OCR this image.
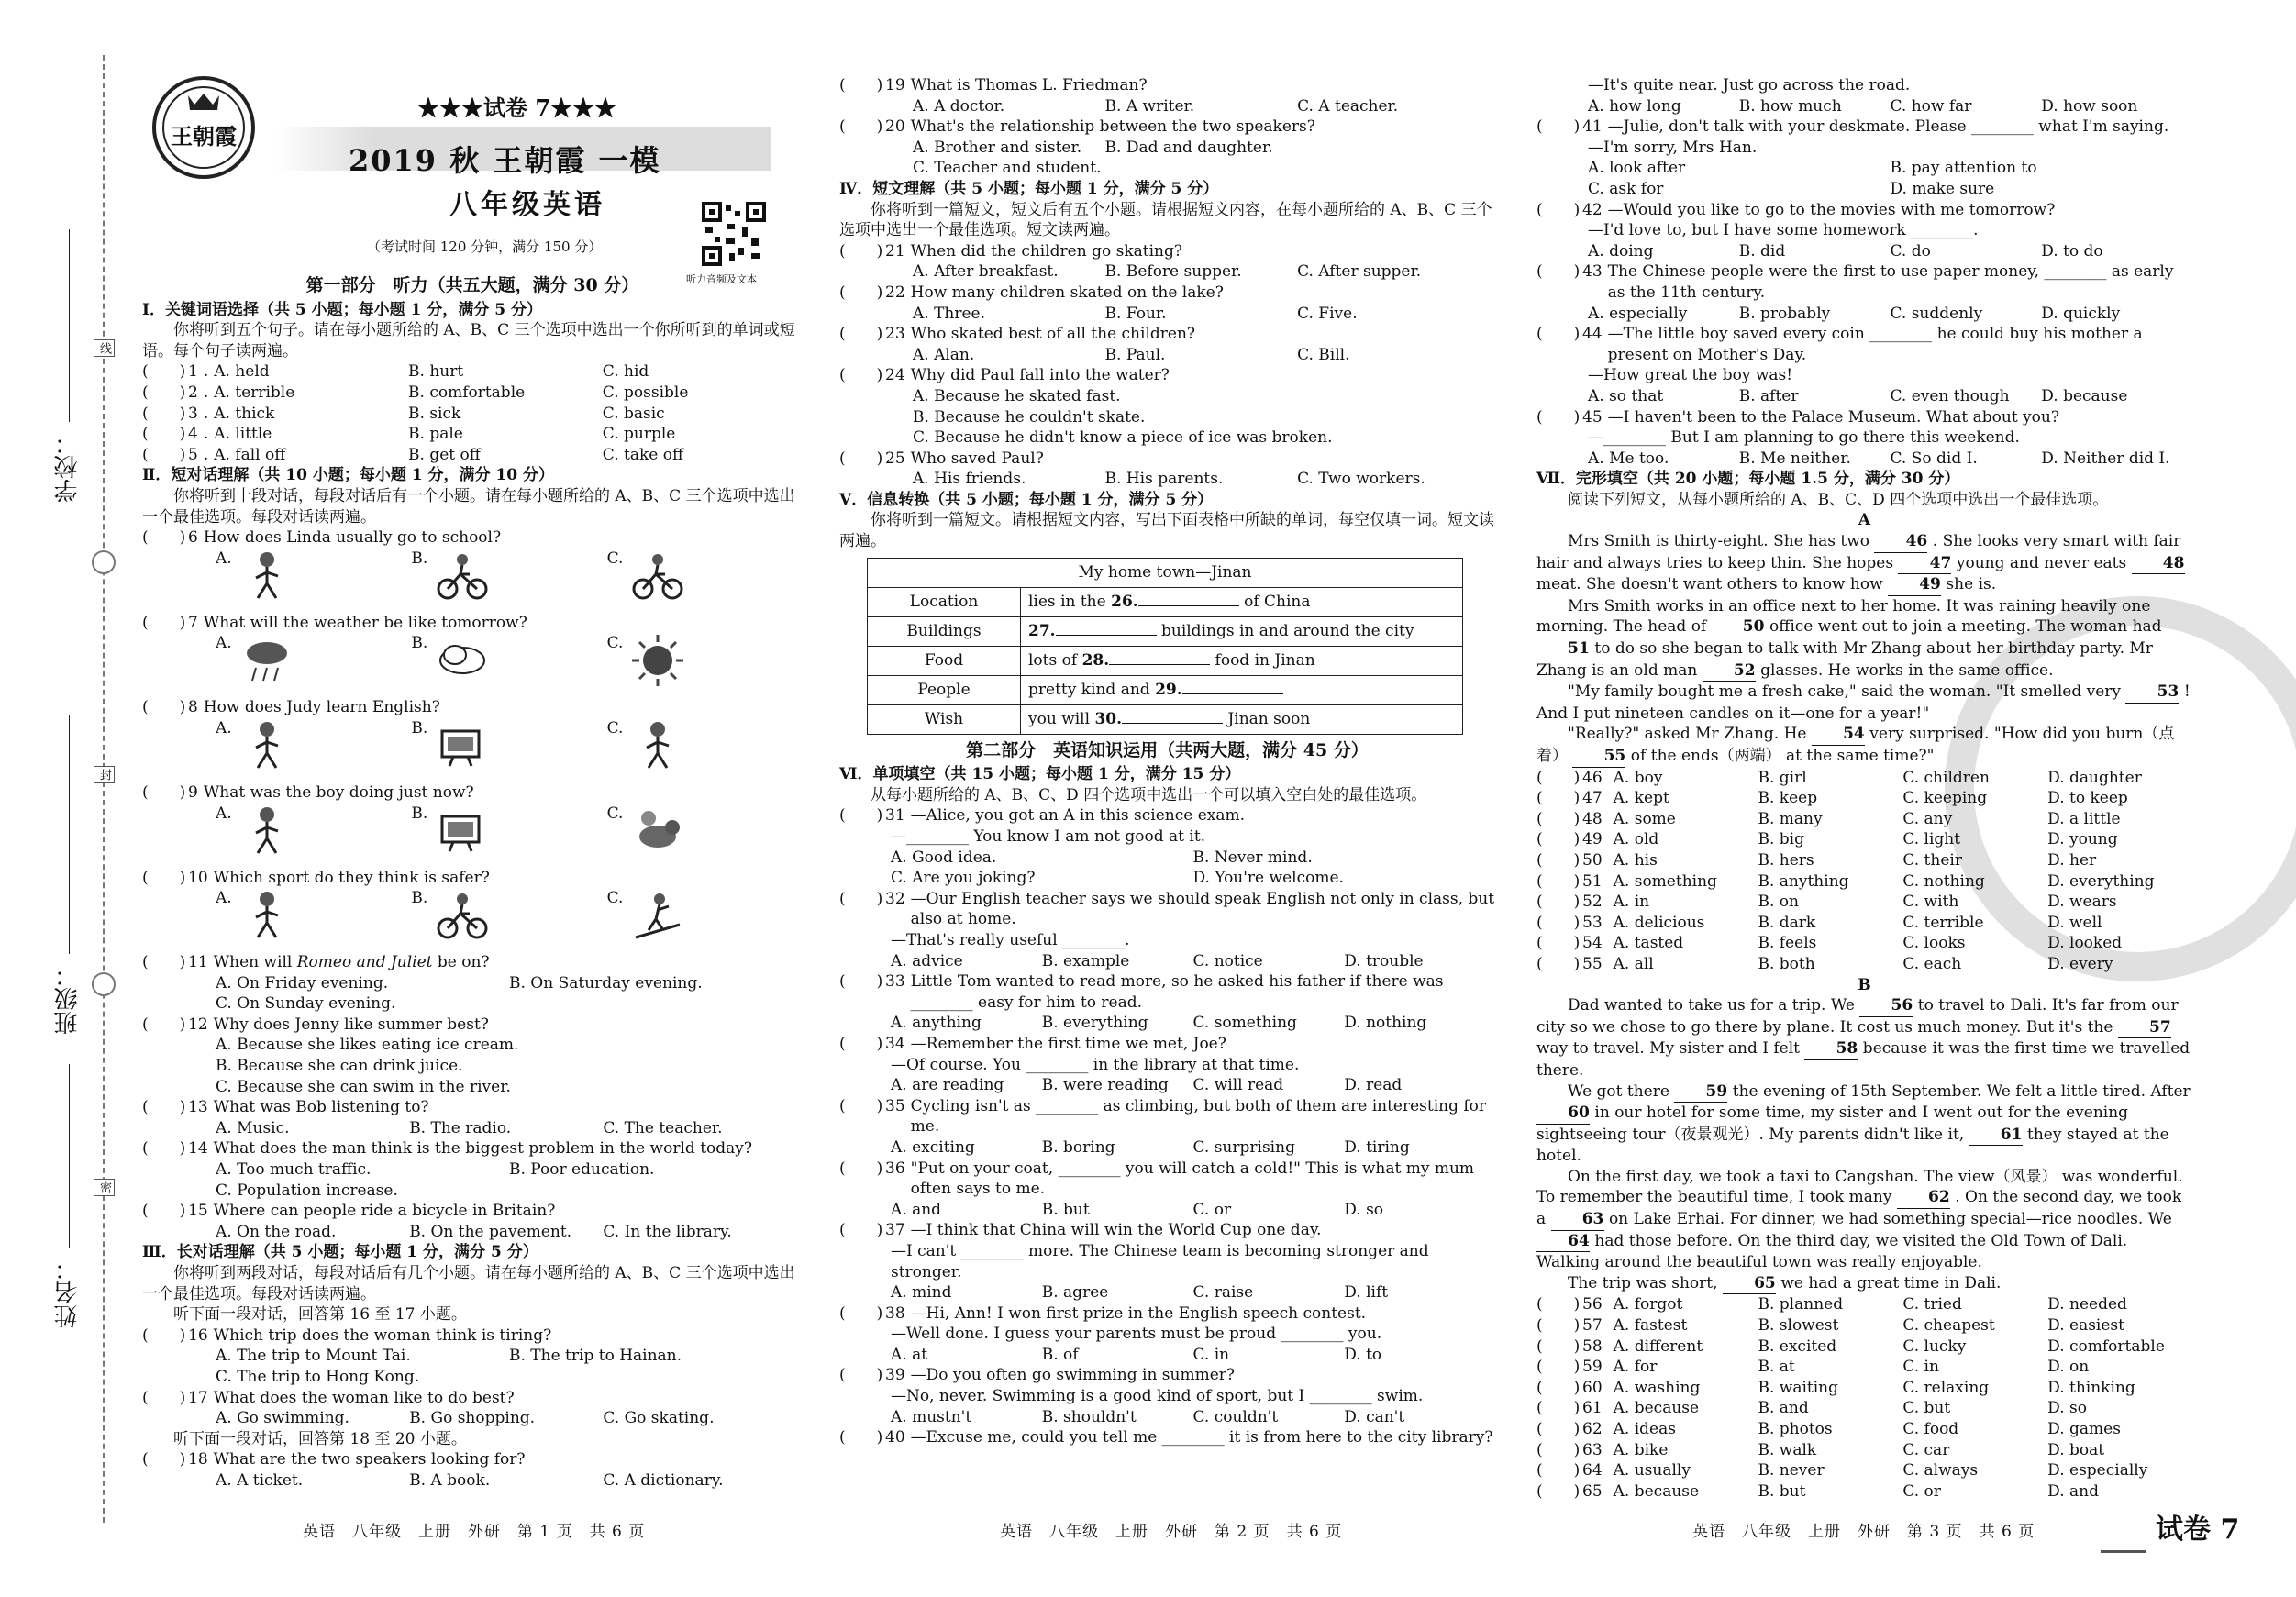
学校：
班级：
姓名：
线
封
密
王朝霞
★★★试卷 7★★★
2019 秋 王朝霞 一模
八年级英语
（考试时间 120 分钟，满分 150 分）
听力音频及文本
第一部分　听力（共五大题，满分 30 分）
Ⅰ．关键词语选择（共 5 小题；每小题 1 分，满分 5 分）
你将听到五个句子。请在每小题所给的 A、B、C 三个选项中选出一个你所听到的单词或短语。每个句子读两遍。
(　　) 1 . A. held	B. hurt	C. hid
(　　) 2 . A. terrible	B. comfortable	C. possible
(　　) 3 . A. thick	B. sick	C. basic
(　　) 4 . A. little	B. pale	C. purple
(　　) 5 . A. fall off	B. get off	C. take off
Ⅱ．短对话理解（共 10 小题；每小题 1 分，满分 10 分）
你将听到十段对话，每段对话后有一个小题。请在每小题所给的 A、B、C 三个选项中选出一个最佳选项。每段对话读两遍。
(　　) 6 How does Linda usually go to school?
A.	B.	C.
(　　) 7 What will the weather be like tomorrow?
A.	B.	C.
(　　) 8 How does Judy learn English?
A.	B.	C.
(　　) 9 What was the boy doing just now?
A.	B.	C.
(　　) 10 Which sport do they think is safer?
A.	B.	C.
(　　) 11 When will Romeo and Juliet be on?
A. On Friday evening.	B. On Saturday evening.
C. On Sunday evening.
(　　) 12 Why does Jenny like summer best?
A. Because she likes eating ice cream.
B. Because she can drink juice.
C. Because she can swim in the river.
(　　) 13 What was Bob listening to?
A. Music.	B. The radio.	C. The teacher.
(　　) 14 What does the man think is the biggest problem in the world today?
A. Too much traffic.	B. Poor education.
C. Population increase.
(　　) 15 Where can people ride a bicycle in Britain?
A. On the road.	B. On the pavement.	C. In the library.
Ⅲ．长对话理解（共 5 小题；每小题 1 分，满分 5 分）
你将听到两段对话，每段对话后有几个小题。请在每小题所给的 A、B、C 三个选项中选出一个最佳选项。每段对话读两遍。
听下面一段对话，回答第 16 至 17 小题。
(　　) 16 Which trip does the woman think is tiring?
A. The trip to Mount Tai.	B. The trip to Hainan.
C. The trip to Hong Kong.
(　　) 17 What does the woman like to do best?
A. Go swimming.	B. Go shopping.	C. Go skating.
听下面一段对话，回答第 18 至 20 小题。
(　　) 18 What are the two speakers looking for?
A. A ticket.	B. A book.	C. A dictionary.
(　　) 19 What is Thomas L. Friedman?
A. A doctor.	B. A writer.	C. A teacher.
(　　) 20 What's the relationship between the two speakers?
A. Brother and sister.	B. Dad and daughter.
C. Teacher and student.
Ⅳ．短文理解（共 5 小题；每小题 1 分，满分 5 分）
你将听到一篇短文，短文后有五个小题。请根据短文内容，在每小题所给的 A、B、C 三个选项中选出一个最佳选项。短文读两遍。
(　　) 21 When did the children go skating?
A. After breakfast.	B. Before supper.	C. After supper.
(　　) 22 How many children skated on the lake?
A. Three.	B. Four.	C. Five.
(　　) 23 Who skated best of all the children?
A. Alan.	B. Paul.	C. Bill.
(　　) 24 Why did Paul fall into the water?
A. Because he skated fast.
B. Because he couldn't skate.
C. Because he didn't know a piece of ice was broken.
(　　) 25 Who saved Paul?
A. His friends.	B. His parents.	C. Two workers.
Ⅴ．信息转换（共 5 小题；每小题 1 分，满分 5 分）
你将听到一篇短文。请根据短文内容，写出下面表格中所缺的单词，每空仅填一词。短文读两遍。
My home town—Jinan	
Location	lies in the 26. of China
Buildings	27. buildings in and around the city
Food	lots of 28. food in Jinan
People	pretty kind and 29.
Wish	you will 30. Jinan soon
第二部分　英语知识运用（共两大题，满分 45 分）
Ⅵ．单项填空（共 15 小题；每小题 1 分，满分 15 分）
从每小题所给的 A、B、C、D 四个选项中选出一个可以填入空白处的最佳选项。
(　　) 31 —Alice, you got an A in this science exam.
—________ You know I am not good at it.
A. Good idea.	B. Never mind.
C. Are you joking?	D. You're welcome.
(　　) 32 —Our English teacher says we should speak English not only in class, but also at home.
—That's really useful ________.
A. advice	B. example	C. notice	D. trouble
(　　) 33 Little Tom wanted to read more, so he asked his father if there was ________ easy for him to read.
A. anything	B. everything	C. something	D. nothing
(　　) 34 —Remember the first time we met, Joe?
—Of course. You ________ in the library at that time.
A. are reading	B. were reading	C. will read	D. read
(　　) 35 Cycling isn't as ________ as climbing, but both of them are interesting for me.
A. exciting	B. boring	C. surprising	D. tiring
(　　) 36 "Put on your coat, ________ you will catch a cold!" This is what my mum often says to me.
A. and	B. but	C. or	D. so
(　　) 37 —I think that China will win the World Cup one day.
—I can't ________ more. The Chinese team is becoming stronger and stronger.
A. mind	B. agree	C. raise	D. lift
(　　) 38 —Hi, Ann! I won first prize in the English speech contest.
—Well done. I guess your parents must be proud ________ you.
A. at	B. of	C. in	D. to
(　　) 39 —Do you often go swimming in summer?
—No, never. Swimming is a good kind of sport, but I ________ swim.
A. mustn't	B. shouldn't	C. couldn't	D. can't
(　　) 40 —Excuse me, could you tell me ________ it is from here to the city library?
—It's quite near. Just go across the road.
A. how long	B. how much	C. how far	D. how soon
(　　) 41 —Julie, don't talk with your deskmate. Please ________ what I'm saying.
—I'm sorry, Mrs Han.
A. look after	B. pay attention to
C. ask for	D. make sure
(　　) 42 —Would you like to go to the movies with me tomorrow?
—I'd love to, but I have some homework ________.
A. doing	B. did	C. do	D. to do
(　　) 43 The Chinese people were the first to use paper money, ________ as early as the 11th century.
A. especially	B. probably	C. suddenly	D. quickly
(　　) 44 —The little boy saved every coin ________ he could buy his mother a present on Mother's Day.
—How great the boy was!
A. so that	B. after	C. even though	D. because
(　　) 45 —I haven't been to the Palace Museum. What about you?
—________ But I am planning to go there this weekend.
A. Me too.	B. Me neither.	C. So did I.	D. Neither did I.
Ⅶ．完形填空（共 20 小题；每小题 1.5 分，满分 30 分）
阅读下列短文，从每小题所给的 A、B、C、D 四个选项中选出一个最佳选项。
A
Mrs Smith is thirty-eight. She has two 46 . She looks very smart with fair hair and always tries to keep thin. She hopes 47 young and never eats 48 meat. She doesn't want others to know how 49 she is.
Mrs Smith works in an office next to her home. It was raining heavily one morning. The head of 50 office went out to join a meeting. The woman had 51 to do so she began to talk with Mr Zhang about her birthday party. Mr Zhang is an old man 52 glasses. He works in the same office.
"My family bought me a fresh cake," said the woman. "It smelled very 53 ! And I put nineteen candles on it—one for a year!"
"Really?" asked Mr Zhang. He 54 very surprised. "How did you burn（点着） 55 of the ends（两端） at the same time?"
(　　) 46 A. boy	B. girl	C. children	D. daughter
(　　) 47 A. kept	B. keep	C. keeping	D. to keep
(　　) 48 A. some	B. many	C. any	D. a little
(　　) 49 A. old	B. big	C. light	D. young
(　　) 50 A. his	B. hers	C. their	D. her
(　　) 51 A. something	B. anything	C. nothing	D. everything
(　　) 52 A. in	B. on	C. with	D. wears
(　　) 53 A. delicious	B. dark	C. terrible	D. well
(　　) 54 A. tasted	B. feels	C. looks	D. looked
(　　) 55 A. all	B. both	C. each	D. every
B
Dad wanted to take us for a trip. We 56 to travel to Dali. It's far from our city so we chose to go there by plane. It cost us much money. But it's the 57 way to travel. My sister and I felt 58 because it was the first time we travelled there.
We got there 59 the evening of 15th September. We felt a little tired. After 60 in our hotel for some time, my sister and I went out for the evening sightseeing tour（夜景观光）. My parents didn't like it, 61 they stayed at the hotel.
On the first day, we took a taxi to Cangshan. The view（风景） was wonderful. To remember the beautiful time, I took many 62 . On the second day, we took a 63 on Lake Erhai. For dinner, we had something special—rice noodles. We 64 had those before. On the third day, we visited the Old Town of Dali. Walking around the beautiful town was really enjoyable.
The trip was short, 65 we had a great time in Dali.
(　　) 56 A. forgot	B. planned	C. tried	D. needed
(　　) 57 A. fastest	B. slowest	C. cheapest	D. easiest
(　　) 58 A. different	B. excited	C. lucky	D. comfortable
(　　) 59 A. for	B. at	C. in	D. on
(　　) 60 A. washing	B. waiting	C. relaxing	D. thinking
(　　) 61 A. because	B. and	C. but	D. so
(　　) 62 A. ideas	B. photos	C. food	D. games
(　　) 63 A. bike	B. walk	C. car	D. boat
(　　) 64 A. usually	B. never	C. always	D. especially
(　　) 65 A. because	B. but	C. or	D. and
英语　八年级　上册　外研　第 1 页　共 6 页	英语　八年级　上册　外研　第 2 页　共 6 页	英语　八年级　上册　外研　第 3 页　共 6 页	试卷 7
